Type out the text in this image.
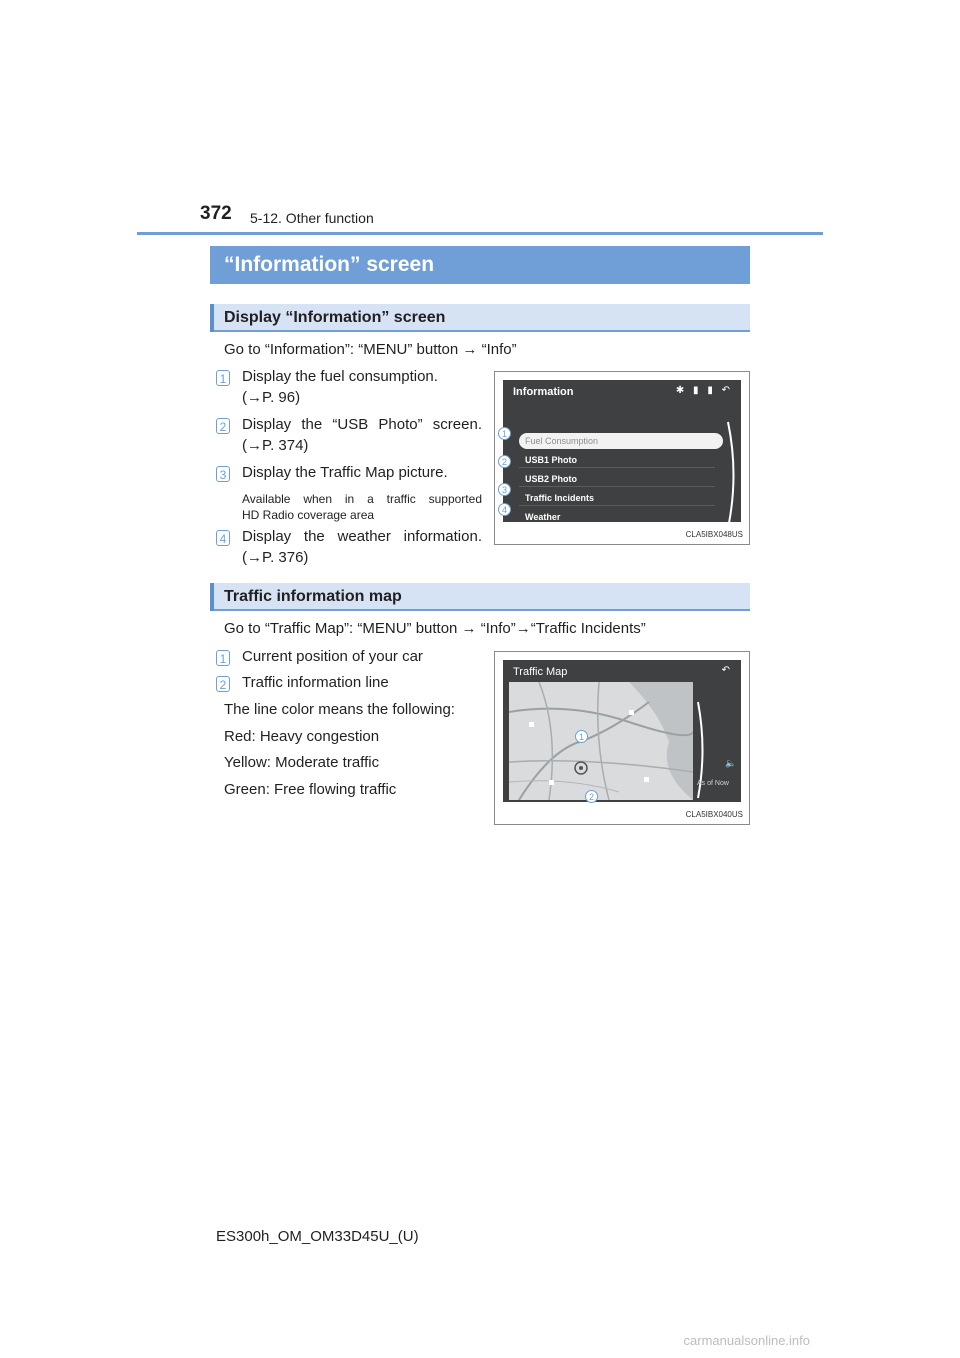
372 5-12. Other function
“Information” screen
Display “Information” screen
Go to “Information”: “MENU” button → “Info”
1 Display the fuel consumption.
(→P. 96)
2 Display the “USB Photo” screen.
(→P. 374)
3 Display the Traffic Map picture.
Available when in a traffic supported
HD Radio coverage area
4 Display the weather information.
(→P. 376)
Information	✱ ▮ ▮ ↶
Fuel Consumption
USB1 Photo
USB2 Photo
Traffic Incidents
Weather
1
2
3
4
CLA5IBX048US
Traffic information map
Go to “Traffic Map”: “MENU” button → “Info”→“Traffic Incidents”
1 Current position of your car
2 Traffic information line
The line color means the following:
Red: Heavy congestion
Yellow: Moderate traffic
Green: Free flowing traffic
Traffic Map	↶
🔈
As of Now
1
2
CLA5IBX040US
ES300h_OM_OM33D45U_(U)
carmanualsonline.info
